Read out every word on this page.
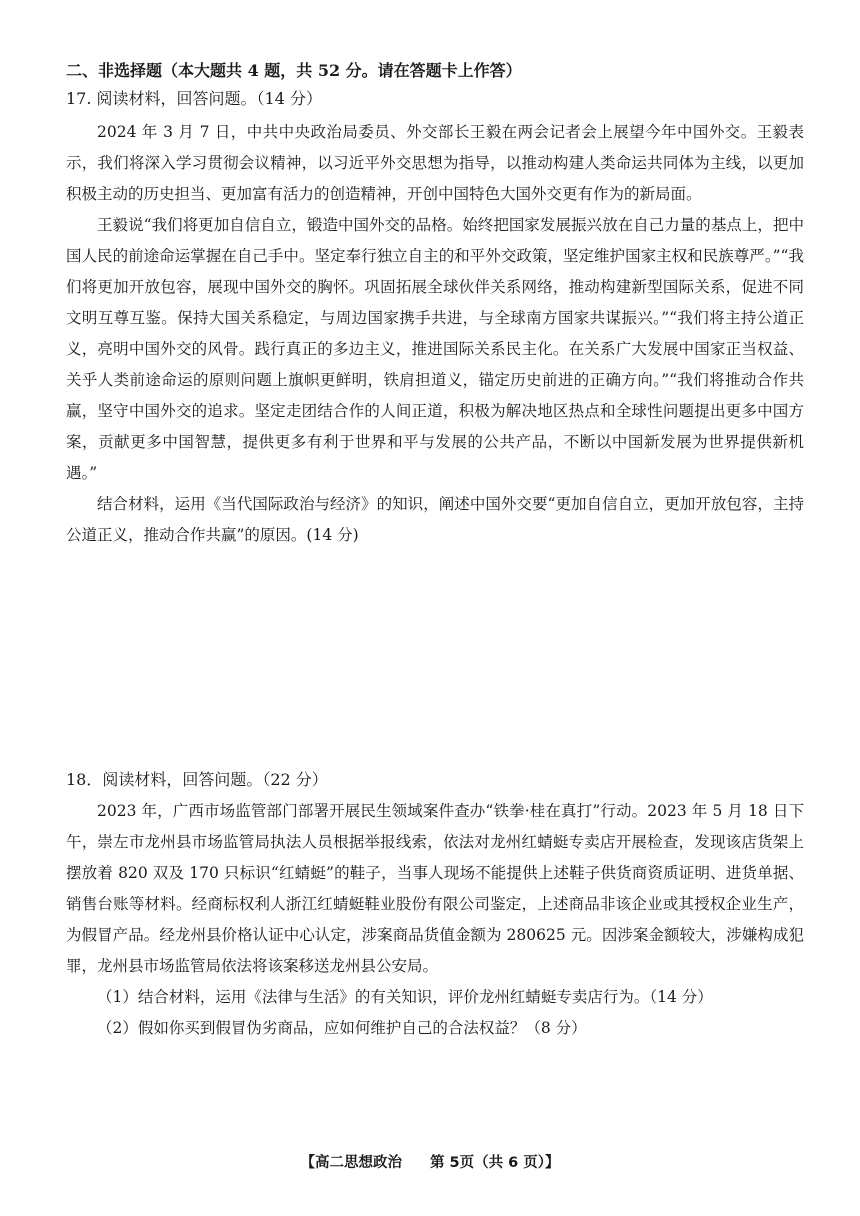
二、非选择题（本大题共 4 题，共 52 分。请在答题卡上作答）
17. 阅读材料，回答问题。（14 分）

2024 年 3 月 7 日，中共中央政治局委员、外交部长王毅在两会记者会上展望今年中国外交。王毅表示，我们将深入学习贯彻会议精神，以习近平外交思想为指导，以推动构建人类命运共同体为主线，以更加积极主动的历史担当、更加富有活力的创造精神，开创中国特色大国外交更有作为的新局面。

王毅说“我们将更加自信自立，锻造中国外交的品格。始终把国家发展振兴放在自己力量的基点上，把中国人民的前途命运掌握在自己手中。坚定奉行独立自主的和平外交政策，坚定维护国家主权和民族尊严。”“我们将更加开放包容，展现中国外交的胸怀。巩固拓展全球伙伴关系网络，推动构建新型国际关系，促进不同文明互尊互鉴。保持大国关系稳定，与周边国家携手共进，与全球南方国家共谋振兴。”“我们将主持公道正义，亮明中国外交的风骨。践行真正的多边主义，推进国际关系民主化。在关系广大发展中国家正当权益、关乎人类前途命运的原则问题上旗帜更鲜明，铁肩担道义，锚定历史前进的正确方向。”“我们将推动合作共赢，坚守中国外交的追求。坚定走团结合作的人间正道，积极为解决地区热点和全球性问题提出更多中国方案，贡献更多中国智慧，提供更多有利于世界和平与发展的公共产品，不断以中国新发展为世界提供新机遇。”

结合材料，运用《当代国际政治与经济》的知识，阐述中国外交要“更加自信自立，更加开放包容，主持公道正义，推动合作共赢”的原因。(14 分)

18．阅读材料，回答问题。（22 分）

2023 年，广西市场监管部门部署开展民生领域案件查办“铁拳·桂在真打”行动。2023 年 5 月 18 日下午，崇左市龙州县市场监管局执法人员根据举报线索，依法对龙州红蜻蜓专卖店开展检查，发现该店货架上摆放着 820 双及 170 只标识“红蜻蜓”的鞋子，当事人现场不能提供上述鞋子供货商资质证明、进货单据、销售台账等材料。经商标权利人浙江红蜻蜓鞋业股份有限公司鉴定，上述商品非该企业或其授权企业生产，为假冒产品。经龙州县价格认证中心认定，涉案商品货值金额为 280625 元。因涉案金额较大，涉嫌构成犯罪，龙州县市场监管局依法将该案移送龙州县公安局。

（1）结合材料，运用《法律与生活》的有关知识，评价龙州红蜻蜓专卖店行为。（14 分）

（2）假如你买到假冒伪劣商品，应如何维护自己的合法权益？（8 分）

【高二思想政治 第 5页（共 6 页）】
